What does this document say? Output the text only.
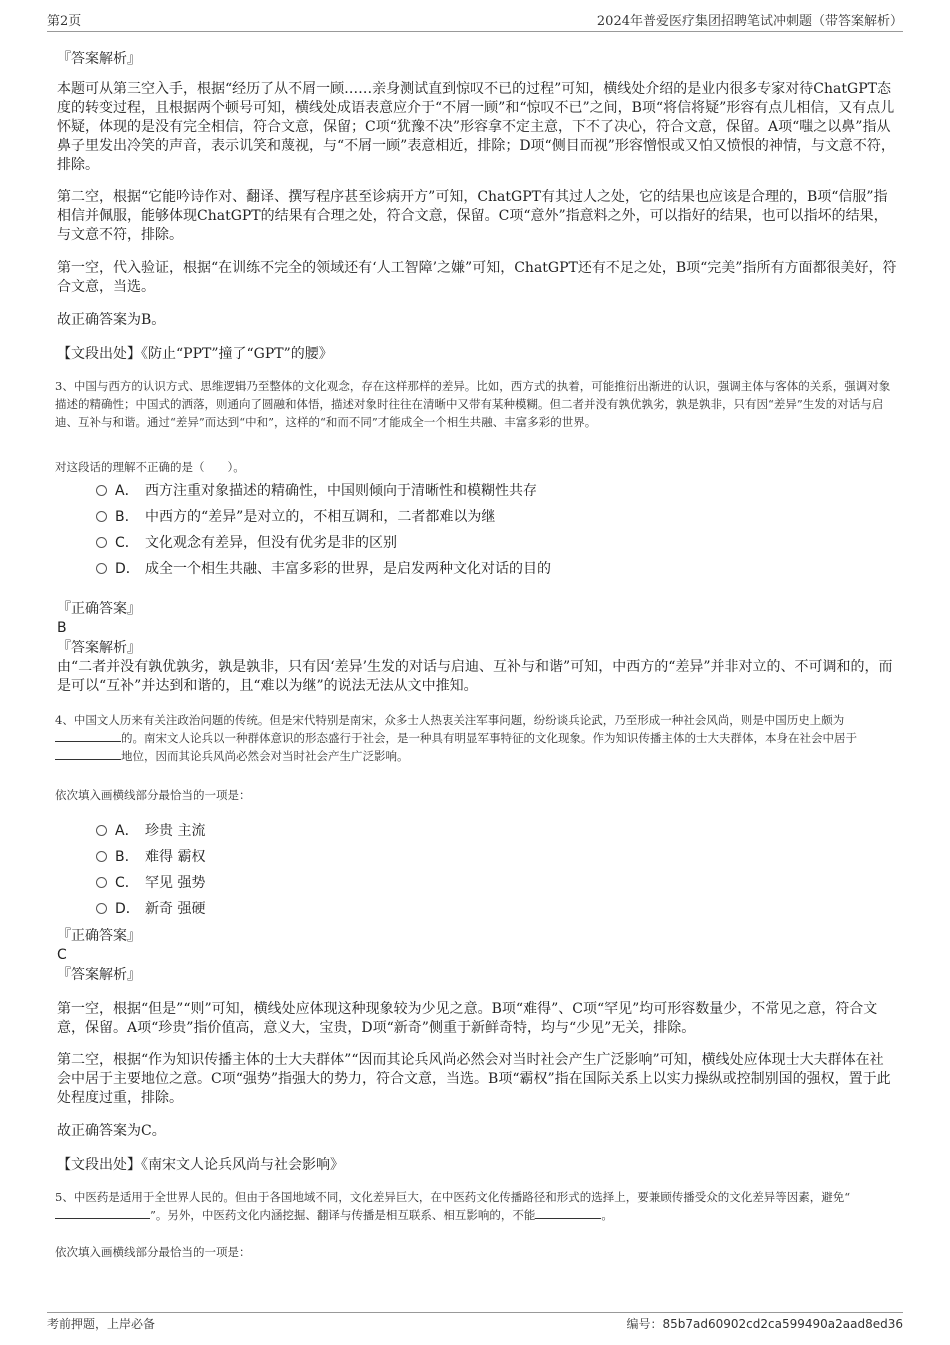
第2页	2024年普爱医疗集团招聘笔试冲刺题（带答案解析）
『答案解析』
本题可从第三空入手，根据“经历了从不屑一顾……亲身测试直到惊叹不已的过程”可知，横线处介绍的是业内很多专家对待ChatGPT态度的转变过程，且根据两个顿号可知，横线处成语表意应介于“不屑一顾”和“惊叹不已”之间，B项“将信将疑”形容有点儿相信，又有点儿怀疑，体现的是没有完全相信，符合文意，保留；C项“犹豫不决”形容拿不定主意，下不了决心，符合文意，保留。A项“嗤之以鼻”指从鼻子里发出冷笑的声音，表示讥笑和蔑视，与“不屑一顾”表意相近，排除；D项“侧目而视”形容憎恨或又怕又愤恨的神情，与文意不符，排除。
第二空，根据“它能吟诗作对、翻译、撰写程序甚至诊病开方”可知，ChatGPT有其过人之处，它的结果也应该是合理的，B项“信服”指相信并佩服，能够体现ChatGPT的结果有合理之处，符合文意，保留。C项“意外”指意料之外，可以指好的结果，也可以指坏的结果，与文意不符，排除。
第一空，代入验证，根据“在训练不完全的领域还有‘人工智障’之嫌”可知，ChatGPT还有不足之处，B项“完美”指所有方面都很美好，符合文意，当选。
故正确答案为B。
【文段出处】《防止“PPT”撞了“GPT”的腰》
3、中国与西方的认识方式、思维逻辑乃至整体的文化观念，存在这样那样的差异。比如，西方式的执着，可能推衍出渐进的认识，强调主体与客体的关系，强调对象描述的精确性；中国式的洒落，则通向了圆融和体悟，描述对象时往往在清晰中又带有某种模糊。但二者并没有孰优孰劣，孰是孰非，只有因“差异”生发的对话与启迪、互补与和谐。通过“差异”而达到“中和”，这样的“和而不同”才能成全一个相生共融、丰富多彩的世界。
对这段话的理解不正确的是（　　）。
A． 西方注重对象描述的精确性，中国则倾向于清晰性和模糊性共存
B. 中西方的“差异”是对立的，不相互调和，二者都难以为继
C． 文化观念有差异，但没有优劣是非的区别
D． 成全一个相生共融、丰富多彩的世界，是启发两种文化对话的目的
『正确答案』
B
『答案解析』
由“二者并没有孰优孰劣，孰是孰非，只有因‘差异’生发的对话与启迪、互补与和谐”可知，中西方的“差异”并非对立的、不可调和的，而是可以“互补”并达到和谐的，且“难以为继”的说法无法从文中推知。
4、中国文人历来有关注政治问题的传统。但是宋代特别是南宋，众多士人热衷关注军事问题，纷纷谈兵论武，乃至形成一种社会风尚，则是中国历史上颇为的。南宋文人论兵以一种群体意识的形态盛行于社会，是一种具有明显军事特征的文化现象。作为知识传播主体的士大夫群体，本身在社会中居于地位，因而其论兵风尚必然会对当时社会产生广泛影响。
依次填入画横线部分最恰当的一项是：
A． 珍贵 主流
B. 难得 霸权
C． 罕见 强势
D． 新奇 强硬
『正确答案』
C
『答案解析』
第一空，根据“但是”“则”可知，横线处应体现这种现象较为少见之意。B项“难得”、C项“罕见”均可形容数量少，不常见之意，符合文意，保留。A项“珍贵”指价值高，意义大，宝贵，D项“新奇”侧重于新鲜奇特，均与“少见”无关，排除。
第二空，根据“作为知识传播主体的士大夫群体”“因而其论兵风尚必然会对当时社会产生广泛影响”可知，横线处应体现士大夫群体在社会中居于主要地位之意。C项“强势”指强大的势力，符合文意，当选。B项“霸权”指在国际关系上以实力操纵或控制别国的强权，置于此处程度过重，排除。
故正确答案为C。
【文段出处】《南宋文人论兵风尚与社会影响》
5、中医药是适用于全世界人民的。但由于各国地域不同，文化差异巨大，在中医药文化传播路径和形式的选择上，要兼顾传播受众的文化差异等因素，避免“”。另外，中医药文化内涵挖掘、翻译与传播是相互联系、相互影响的，不能	。
依次填入画横线部分最恰当的一项是：
考前押题，上岸必备	编号：85b7ad60902cd2ca599490a2aad8ed36
